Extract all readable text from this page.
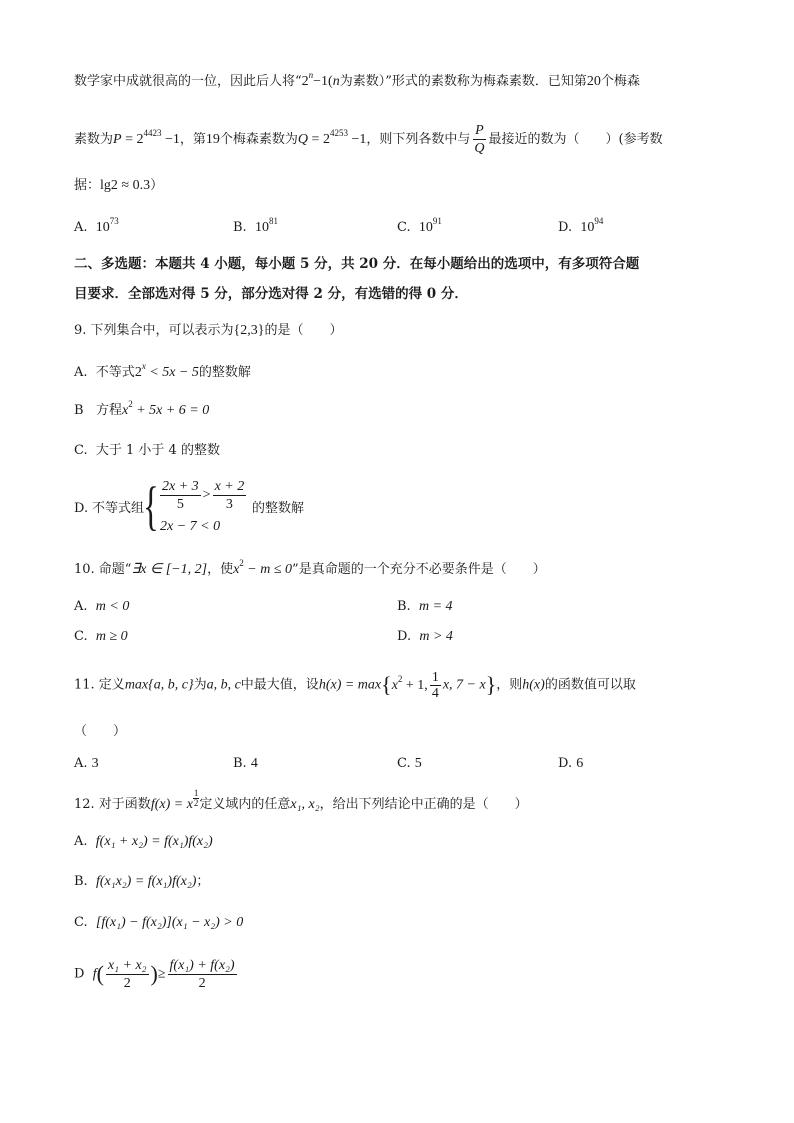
数学家中成就很高的一位，因此后人将“$2^n-1(n$为素数）”形式的素数称为梅森素数．已知第20个梅森
素数为$P = 2^{4423} -1$，第19个梅森素数为$Q = 2^{4253} -1$，则下列各数中与 $\frac{P}{Q}$ 最接近的数为（　　）(参考数
据：lg2 ≈ 0.3）
A. $10^{73}$	B. $10^{81}$	C. $10^{91}$	D. $10^{94}$
二、多选题：本题共 4 小题，每小题 5 分，共 20 分．在每小题给出的选项中，有多项符合题
目要求．全部选对得 5 分，部分选对得 2 分，有选错的得 0 分．
9. 下列集合中，可以表示为{2,3}的是（　　）
A. 不等式$2^x < 5x - 5$的整数解
B 方程$x^2 + 5x + 6 = 0$
C. 大于 1 小于 4 的整数
D. 不等式组 { $\frac{2x + 3}{5} > \frac{x + 2}{3}$
2x − 7 < 0
的整数解
10. 命题“∃x ∈ [−1, 2]，使$x^2 - m \le 0$”是真命题的一个充分不必要条件是（　　）
A. m < 0	B. m = 4
C. m ≥ 0	D. m > 4
11. 定义max{a, b, c}为a, b, c中最大值，设$h(x) = \max\{x^2 + 1$, $\frac{1}{4} x$, 7 − x}，则h(x)的函数值可以取
（　　）
A. 3	B. 4	C. 5	D. 6
12. 对于函数f(x) = x $\frac{1}{2}$ 定义域内的任意x₁, x₂，给出下列结论中正确的是（　　）
A. f(x₁ + x₂) = f(x₁)f(x₂)
B. f(x₁x₂) = f(x₁)f(x₂)；
C. [f(x₁) − f(x₂)](x₁ − x₂) > 0
D $f( \frac{\text{x₁ + x₂}}{2}$ )≥ $\frac{\text{f(x₁) + f(x₂)}}{2}$
